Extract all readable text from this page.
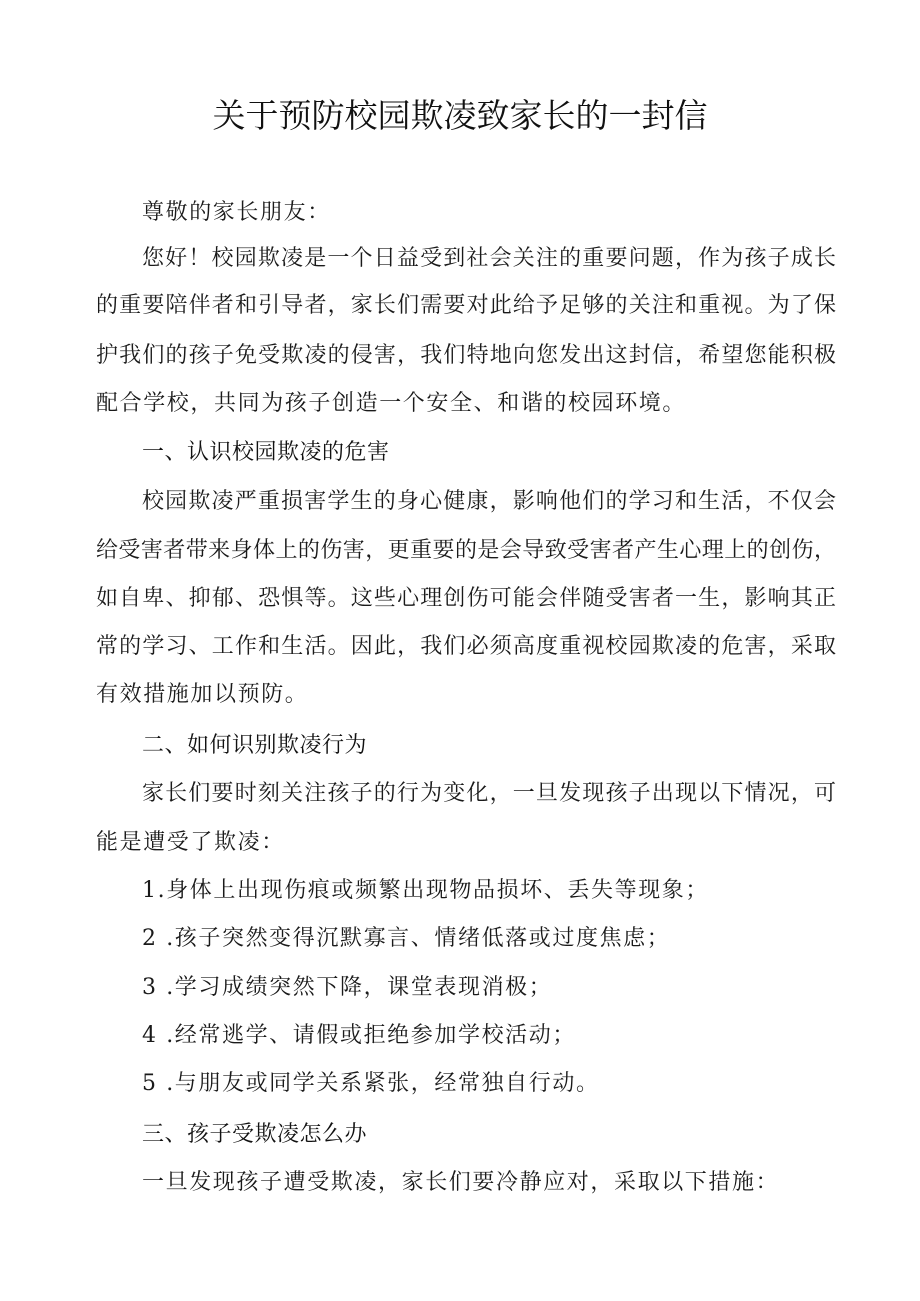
关于预防校园欺凌致家长的一封信

尊敬的家长朋友：

您好！校园欺凌是一个日益受到社会关注的重要问题，作为孩子成长

的重要陪伴者和引导者，家长们需要对此给予足够的关注和重视。为了保

护我们的孩子免受欺凌的侵害，我们特地向您发出这封信，希望您能积极

配合学校，共同为孩子创造一个安全、和谐的校园环境。

一、认识校园欺凌的危害

校园欺凌严重损害学生的身心健康，影响他们的学习和生活，不仅会

给受害者带来身体上的伤害，更重要的是会导致受害者产生心理上的创伤，

如自卑、抑郁、恐惧等。这些心理创伤可能会伴随受害者一生，影响其正

常的学习、工作和生活。因此，我们必须高度重视校园欺凌的危害，采取

有效措施加以预防。

二、如何识别欺凌行为

家长们要时刻关注孩子的行为变化，一旦发现孩子出现以下情况，可

能是遭受了欺凌：

1.身体上出现伤痕或频繁出现物品损坏、丢失等现象；

2 .孩子突然变得沉默寡言、情绪低落或过度焦虑；

3 .学习成绩突然下降，课堂表现消极；

4 .经常逃学、请假或拒绝参加学校活动；

5 .与朋友或同学关系紧张，经常独自行动。

三、孩子受欺凌怎么办

一旦发现孩子遭受欺凌，家长们要冷静应对，采取以下措施：
